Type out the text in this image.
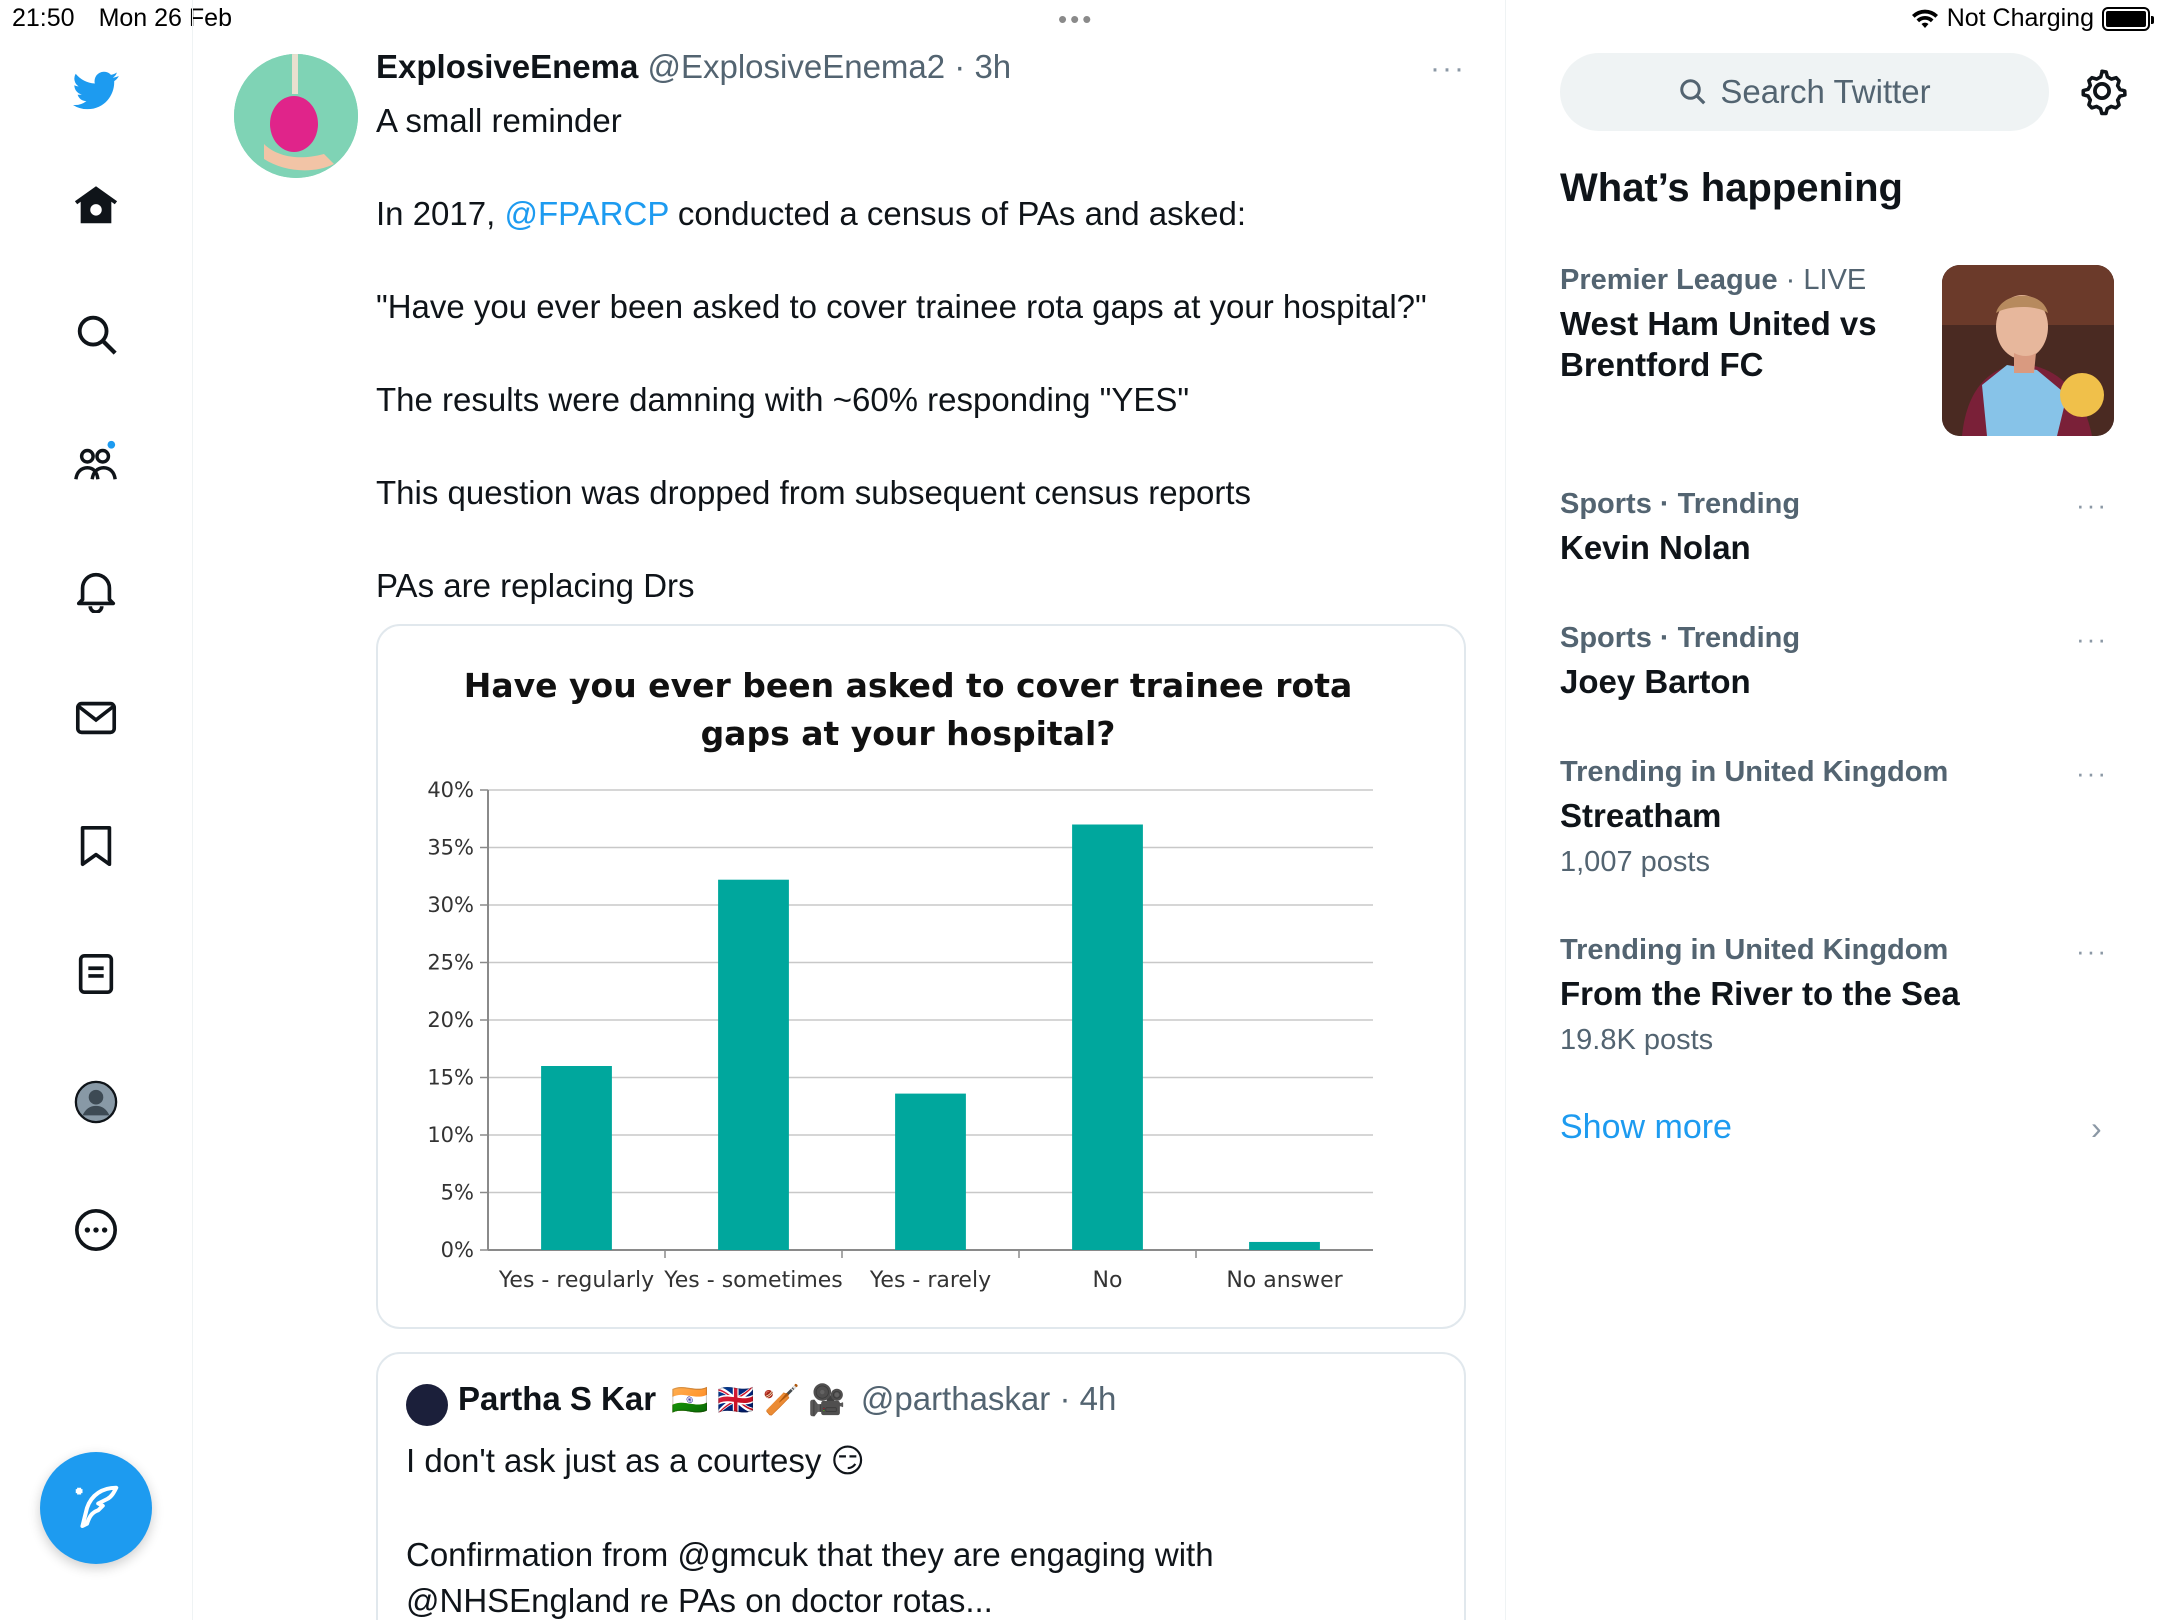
21:50 Mon 26 Feb	•••	Not Charging
ExplosiveEnema @ExplosiveEnema2 · 3h	···

A small reminder

In 2017, @FPARCP conducted a census of PAs and asked:

"Have you ever been asked to cover trainee rota gaps at your hospital?"

The results were damning with ~60% responding "YES"

This question was dropped from subsequent census reports

PAs are replacing Drs

Have you ever been asked to cover trainee rota
gaps at your hospital?
0%
5%
10%
15%
20%
25%
30%
35%
40%
Yes - regularly Yes - sometimes Yes - rarely	No	No answer
Partha S Kar 🇮🇳 🇬🇧 🏏 🎥 @parthaskar · 4h

I don't ask just as a courtesy 😏

Confirmation from @gmcuk that they are engaging with
@NHSEngland re PAs on doctor rotas...
Search Twitter
What’s happening
Premier League · LIVE
West Ham United vs Brentford FC
Sports · Trending
Kevin Nolan
···
Sports · Trending
Joey Barton
···
Trending in United Kingdom
Streatham
1,007 posts
···
Trending in United Kingdom
From the River to the Sea
19.8K posts
···
Show more	›
